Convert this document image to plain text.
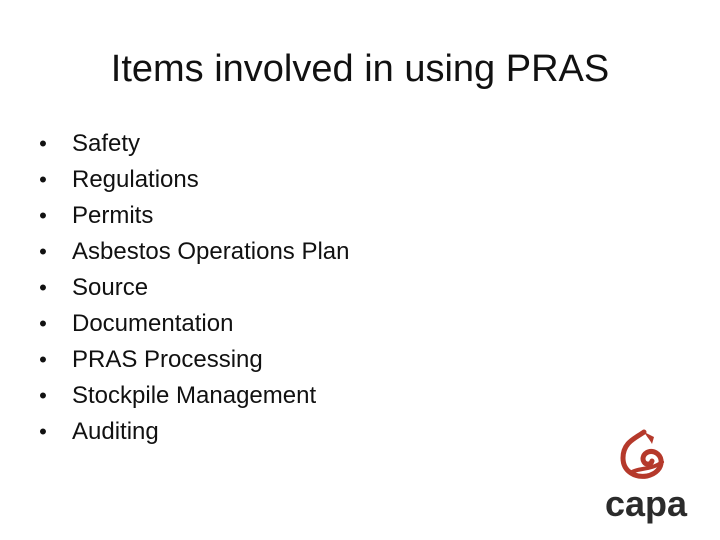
Items involved in using PRAS
• Safety
• Regulations
• Permits
• Asbestos Operations Plan
• Source
• Documentation
• PRAS Processing
• Stockpile Management
• Auditing
capa
